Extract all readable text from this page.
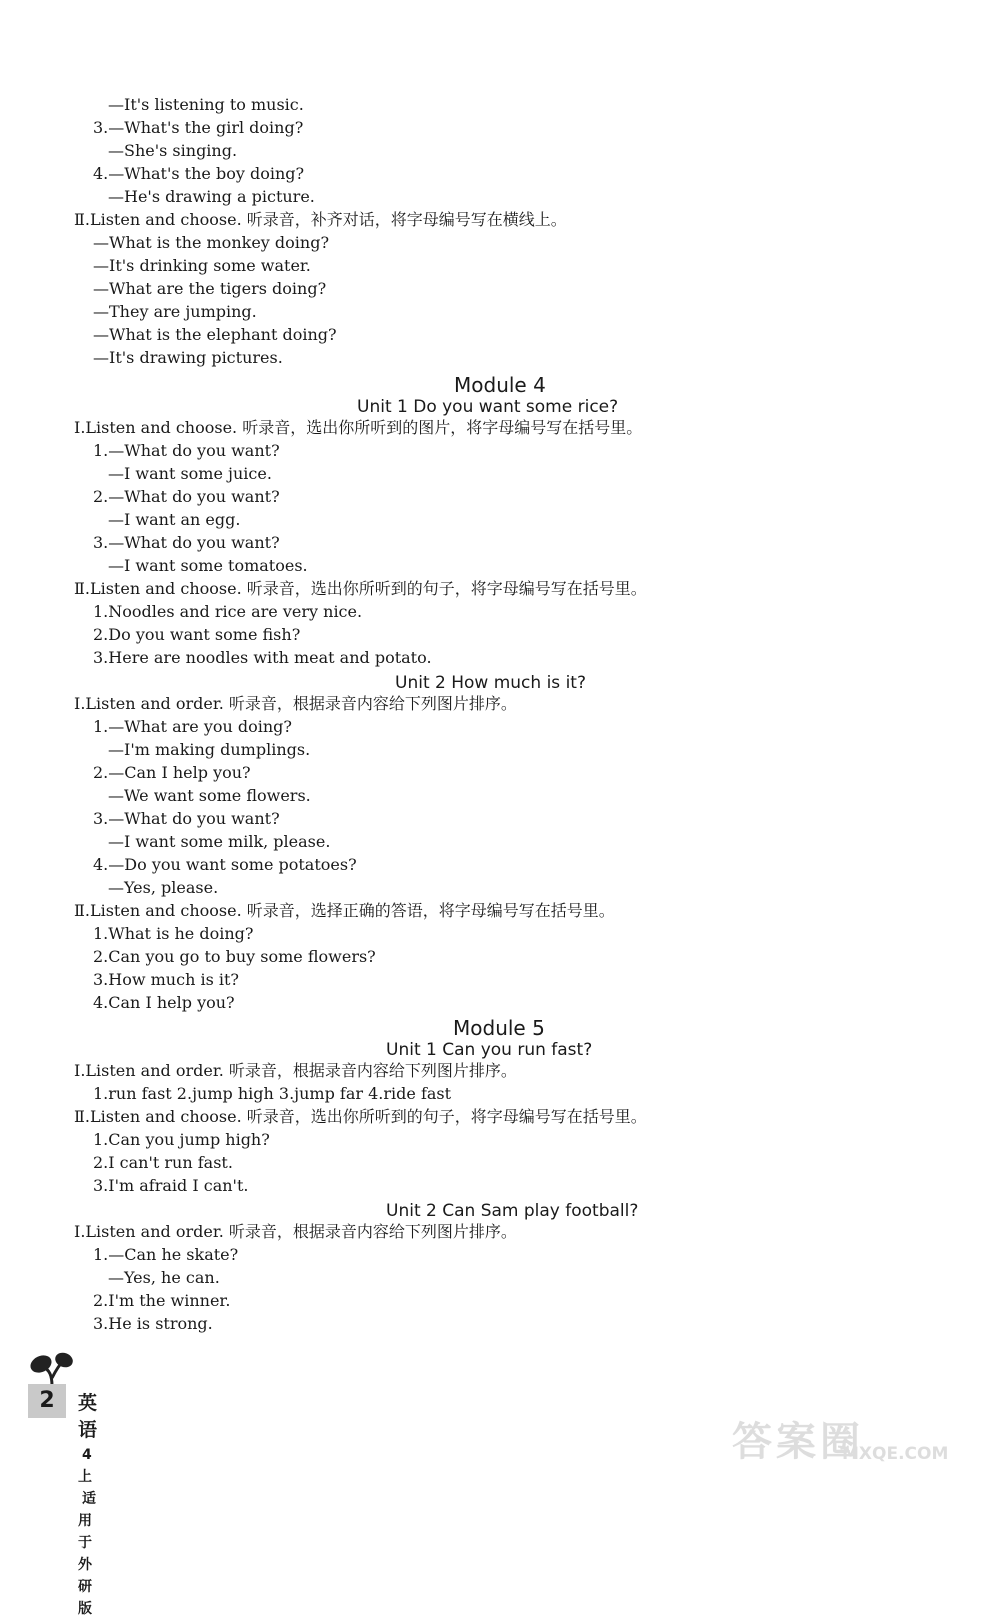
—It's listening to music.
3.—What's the girl doing?
—She's singing.
4.—What's the boy doing?
—He's drawing a picture.
Ⅱ.Listen and choose. 听录音，补齐对话，将字母编号写在横线上。
—What is the monkey doing?
—It's drinking some water.
—What are the tigers doing?
—They are jumping.
—What is the elephant doing?
—It's drawing pictures.
Module 4
Unit 1 Do you want some rice?
Ⅰ.Listen and choose. 听录音，选出你所听到的图片，将字母编号写在括号里。
1.—What do you want?
—I want some juice.
2.—What do you want?
—I want an egg.
3.—What do you want?
—I want some tomatoes.
Ⅱ.Listen and choose. 听录音，选出你所听到的句子，将字母编号写在括号里。
1.Noodles and rice are very nice.
2.Do you want some fish?
3.Here are noodles with meat and potato.
Unit 2 How much is it?
Ⅰ.Listen and order. 听录音，根据录音内容给下列图片排序。
1.—What are you doing?
—I'm making dumplings.
2.—Can I help you?
—We want some flowers.
3.—What do you want?
—I want some milk, please.
4.—Do you want some potatoes?
—Yes, please.
Ⅱ.Listen and choose. 听录音，选择正确的答语，将字母编号写在括号里。
1.What is he doing?
2.Can you go to buy some flowers?
3.How much is it?
4.Can I help you?
Module 5
Unit 1 Can you run fast?
Ⅰ.Listen and order. 听录音，根据录音内容给下列图片排序。
1.run fast 2.jump high 3.jump far 4.ride fast
Ⅱ.Listen and choose. 听录音，选出你所听到的句子，将字母编号写在括号里。
1.Can you jump high?
2.I can't run fast.
3.I'm afraid I can't.
Unit 2 Can Sam play football?
Ⅰ.Listen and order. 听录音，根据录音内容给下列图片排序。
1.—Can he skate?
—Yes, he can.
2.I'm the winner.
3.He is strong.
2	英语4上适用于外研版
答案圈
MXQE.COM
